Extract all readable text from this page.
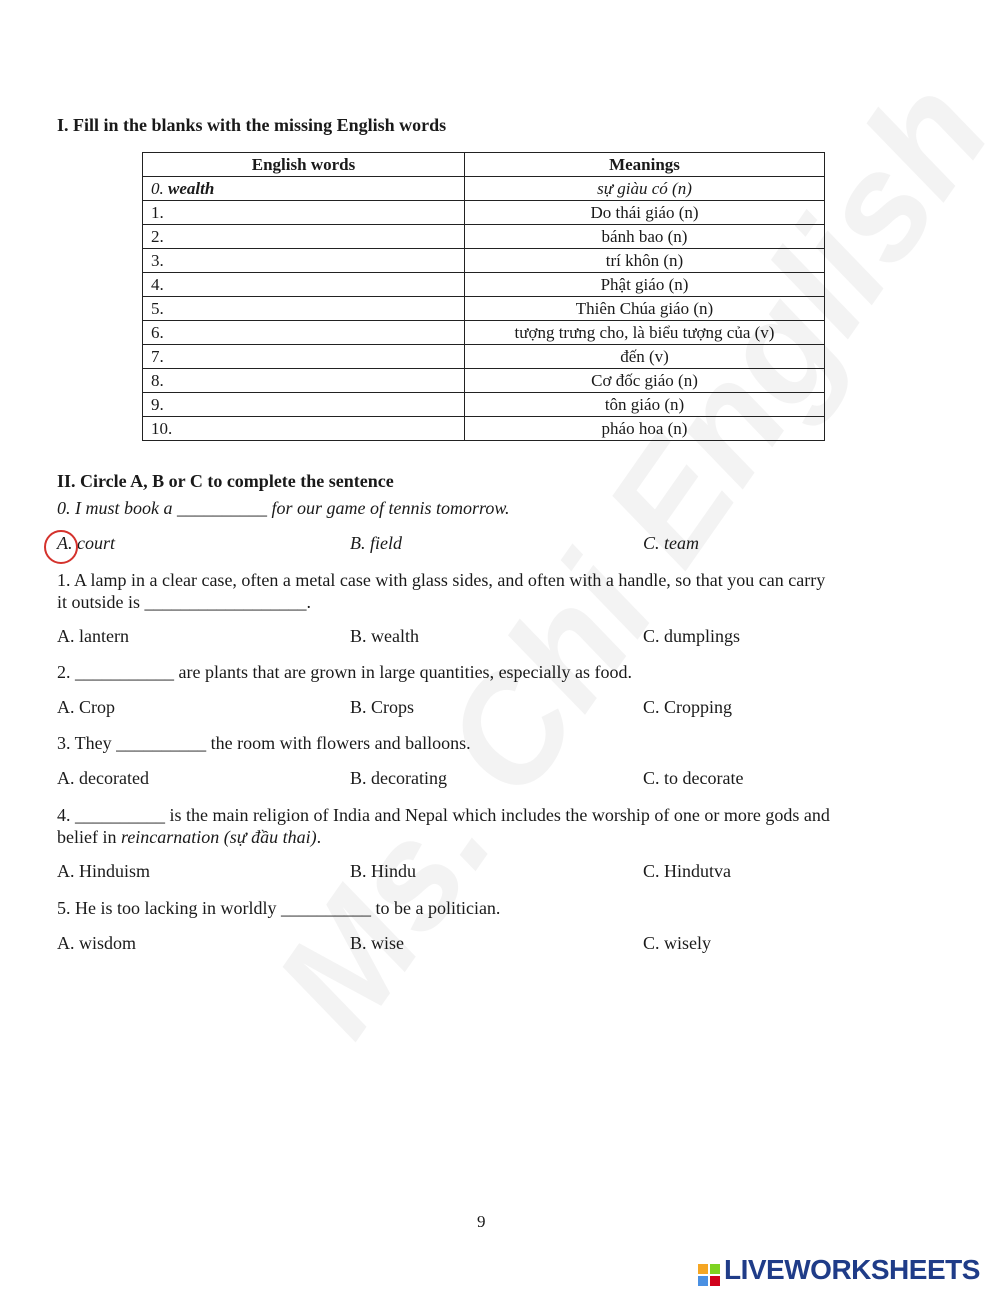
I. Fill in the blanks with the missing English words
English words	Meanings
0. wealth	sự giàu có (n)
1.	Do thái giáo (n)
2.	bánh bao (n)
3.	trí khôn (n)
4.	Phật giáo (n)
5.	Thiên Chúa giáo (n)
6.	tượng trưng cho, là biểu tượng của (v)
7.	đến (v)
8.	Cơ đốc giáo (n)
9.	tôn giáo (n)
10.	pháo hoa (n)
II. Circle A, B or C to complete the sentence
0. I must book a __________ for our game of tennis tomorrow.
A. court	B. field	C. team
1. A lamp in a clear case, often a metal case with glass sides, and often with a handle, so that you can carry
it outside is __________________.
A. lantern	B. wealth	C. dumplings
2. ___________ are plants that are grown in large quantities, especially as food.
A. Crop	B. Crops	C. Cropping
3. They __________ the room with flowers and balloons.
A. decorated	B. decorating	C. to decorate
4. __________ is the main religion of India and Nepal which includes the worship of one or more gods and
belief in reincarnation (sự đầu thai).
A. Hinduism	B. Hindu	C. Hindutva
5. He is too lacking in worldly __________ to be a politician.
A. wisdom	B. wise	C. wisely
9
LIVEWORKSHEETS
